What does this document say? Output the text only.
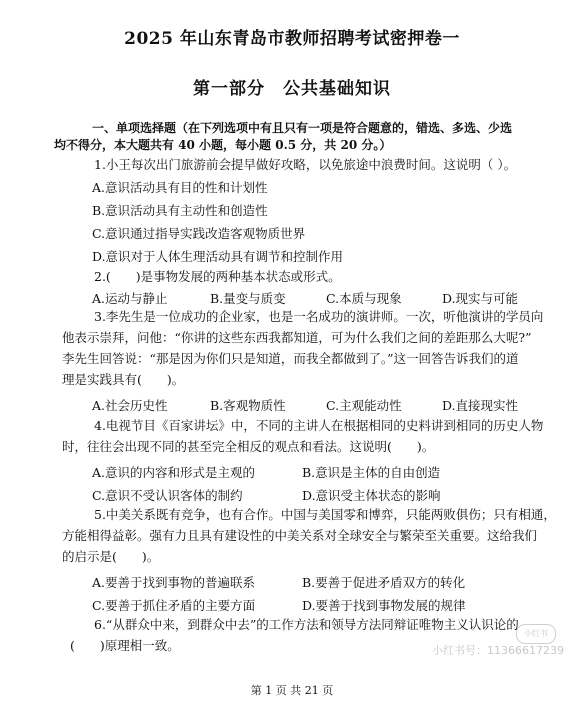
2025 年山东青岛市教师招聘考试密押卷一
第一部分　公共基础知识
一、单项选择题（在下列选项中有且只有一项是符合题意的，错选、多选、少选
均不得分，本大题共有 40 小题，每小题 0.5 分，共 20 分。）
1.小王每次出门旅游前会提早做好攻略，以免旅途中浪费时间。这说明（ ）。
A.意识活动具有目的性和计划性
B.意识活动具有主动性和创造性
C.意识通过指导实践改造客观物质世界
D.意识对于人体生理活动具有调节和控制作用
2.(　　)是事物发展的两种基本状态或形式。
A.运动与静止	B.量变与质变	C.本质与现象	D.现实与可能
3.李先生是一位成功的企业家，也是一名成功的演讲师。一次，听他演讲的学员向
他表示崇拜，问他：“你讲的这些东西我都知道，可为什么我们之间的差距那么大呢?”
李先生回答说：“那是因为你们只是知道，而我全都做到了。”这一回答告诉我们的道
理是实践具有(　　)。
A.社会历史性	B.客观物质性	C.主观能动性	D.直接现实性
4.电视节目《百家讲坛》中，不同的主讲人在根据相同的史料讲到相同的历史人物
时，往往会出现不同的甚至完全相反的观点和看法。这说明(　　)。
A.意识的内容和形式是主观的	B.意识是主体的自由创造
C.意识不受认识客体的制约	D.意识受主体状态的影响
5.中美关系既有竞争，也有合作。中国与美国零和博弈，只能两败俱伤；只有相通，
方能相得益彰。强有力且具有建设性的中美关系对全球安全与繁荣至关重要。这给我们
的启示是(　　)。
A.要善于找到事物的普遍联系	B.要善于促进矛盾双方的转化
C.要善于抓住矛盾的主要方面	D.要善于找到事物发展的规律
6.“从群众中来，到群众中去”的工作方法和领导方法同辩证唯物主义认识论的
(　　)原理相一致。
小红书
小红书号：11366617239
第 1 页 共 21 页
